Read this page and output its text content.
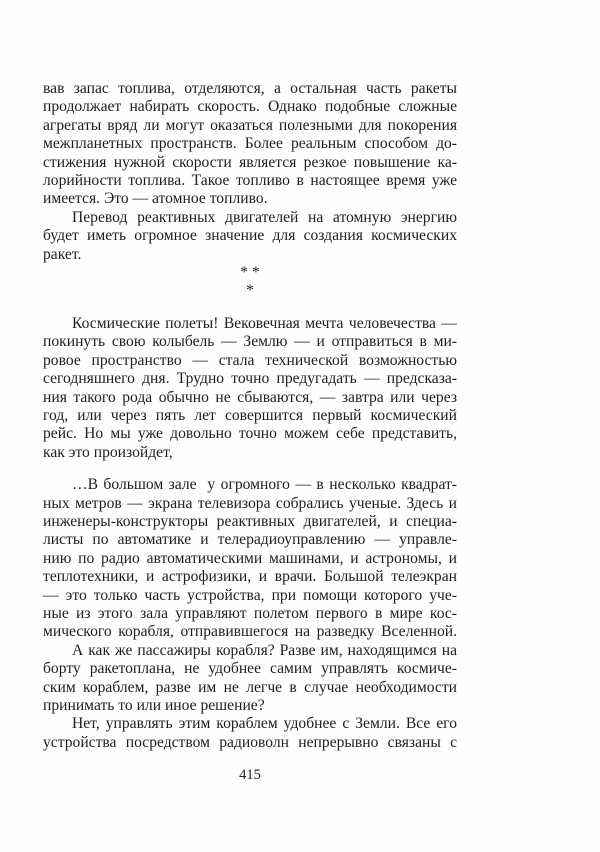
вав запас топлива, отделяются, а остальная часть ракеты
продолжает набирать скорость. Однако подобные сложные
агрегаты вряд ли могут оказаться полезными для покорения
межпланетных пространств. Более реальным способом до-
стижения нужной скорости является резкое повышение ка-
лорийности топлива. Такое топливо в настоящее время уже
имеется. Это — атомное топливо.
Перевод реактивных двигателей на атомную энергию
будет иметь огромное значение для создания космических
ракет.
* *
*
Космические полеты! Вековечная мечта человечества —
покинуть свою колыбель — Землю — и отправиться в ми-
ровое пространство — стала технической возможностью
сегодняшнего дня. Трудно точно предугадать — предсказа-
ния такого рода обычно не сбываются, — завтра или через
год, или через пять лет совершится первый космический
рейс. Но мы уже довольно точно можем себе представить,
как это произойдет,
…В большом зале  у огромного — в несколько квадрат-
ных метров — экрана телевизора собрались ученые. Здесь и
инженеры-конструкторы реактивных двигателей, и специа-
листы по автоматике и телерадиоуправлению — управле-
нию по радио автоматическими машинами, и астрономы, и
теплотехники, и астрофизики, и врачи. Большой телеэкран
— это только часть устройства, при помощи которого уче-
ные из этого зала управляют полетом первого в мире кос-
мического корабля, отправившегося на разведку Вселенной.
А как же пассажиры корабля? Разве им, находящимся на
борту ракетоплана, не удобнее самим управлять космиче-
ским кораблем, разве им не легче в случае необходимости
принимать то или иное решение?
Нет, управлять этим кораблем удобнее с Земли. Все его
устройства посредством радиоволн непрерывно связаны с
415
